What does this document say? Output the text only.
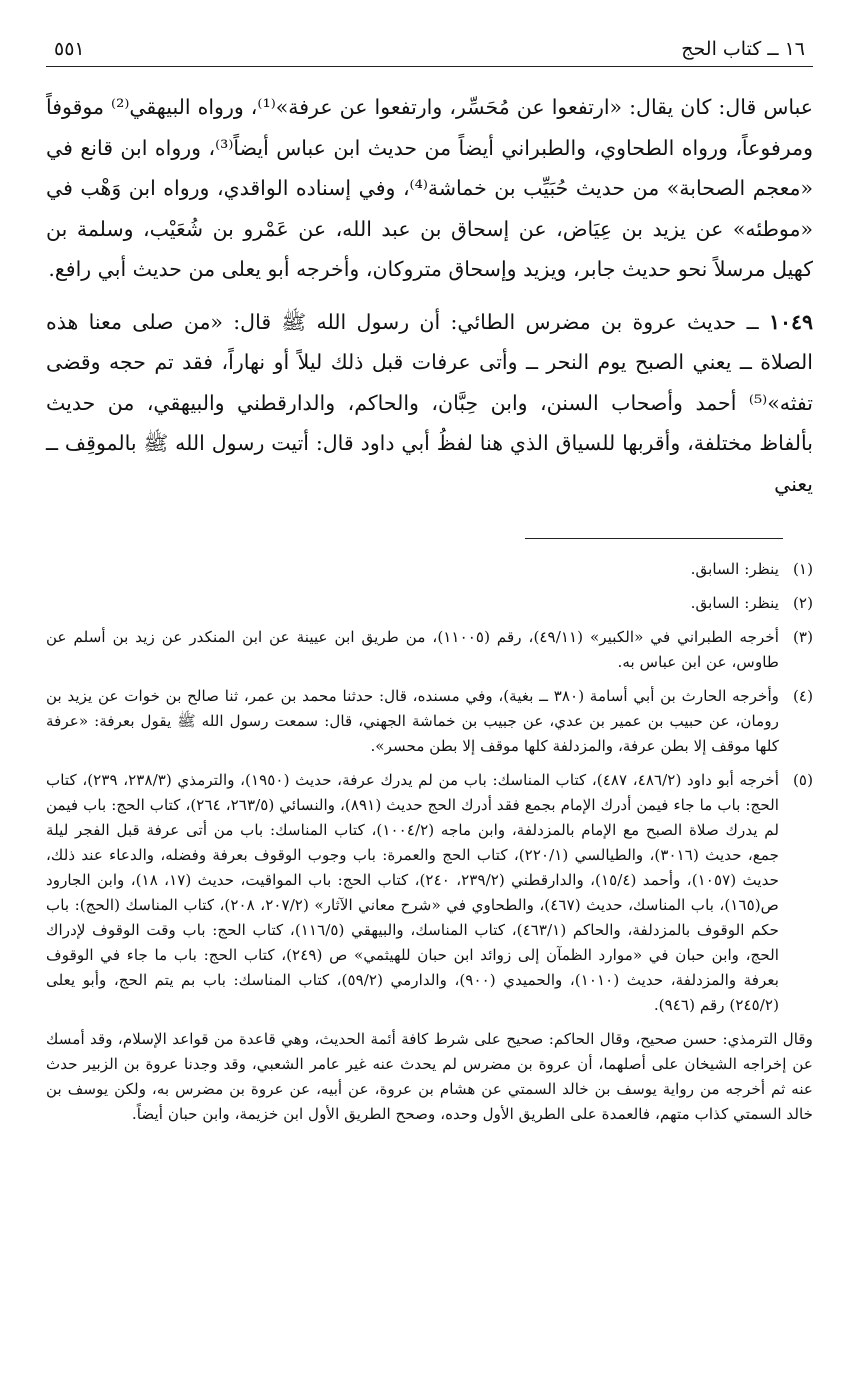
١٦ ــ كتاب الحج
٥٥١

عباس قال: كان يقال: «ارتفعوا عن مُحَسِّر، وارتفعوا عن عرفة»⁽¹⁾، ورواه البيهقي⁽²⁾ موقوفاً ومرفوعاً، ورواه الطحاوي، والطبراني أيضاً من حديث ابن عباس أيضاً⁽³⁾، ورواه ابن قانع في «معجم الصحابة» من حديث حُبَيِّب بن خماشة⁽⁴⁾، وفي إسناده الواقدي، ورواه ابن وَهْب في «موطئه» عن يزيد بن عِيَاض، عن إسحاق بن عبد الله، عن عَمْرو بن شُعَيْب، وسلمة بن كهيل مرسلاً نحو حديث جابر، ويزيد وإسحاق متروكان، وأخرجه أبو يعلى من حديث أبي رافع.

١٠٤٩ ــ حديث عروة بن مضرس الطائي: أن رسول الله ﷺ قال: «من صلى معنا هذه الصلاة ــ يعني الصبح يوم النحر ــ وأتى عرفات قبل ذلك ليلاً أو نهاراً، فقد تم حجه وقضى تفثه»⁽⁵⁾ أحمد وأصحاب السنن، وابن حِبَّان، والحاكم، والدارقطني والبيهقي، من حديث بألفاظ مختلفة، وأقربها للسياق الذي هنا لفظُ أبي داود قال: أتيت رسول الله ﷺ بالموقِف ــ يعني

(١)
ينظر: السابق.
(٢)
ينظر: السابق.
(٣)
أخرجه الطبراني في «الكبير» (٤٩/١١)، رقم (١١٠٠٥)، من طريق ابن عيينة عن ابن المنكدر عن زيد بن أسلم عن طاوس، عن ابن عباس به.
(٤)
وأخرجه الحارث بن أبي أسامة (٣٨٠ ــ بغية)، وفي مسنده، قال: حدثنا محمد بن عمر، ثنا صالح بن خوات عن يزيد بن رومان، عن حبيب بن عمير بن عدي، عن جبيب بن خماشة الجهني، قال: سمعت رسول الله ﷺ يقول بعرفة: «عرفة كلها موقف إلا بطن عرفة، والمزدلفة كلها موقف إلا بطن محسر».
(٥)
أخرجه أبو داود (٤٨٦/٢، ٤٨٧)، كتاب المناسك: باب من لم يدرك عرفة، حديث (١٩٥٠)، والترمذي (٢٣٨/٣، ٢٣٩)، كتاب الحج: باب ما جاء فيمن أدرك الإمام بجمع فقد أدرك الحج حديث (٨٩١)، والنسائي (٢٦٣/٥، ٢٦٤)، كتاب الحج: باب فيمن لم يدرك صلاة الصبح مع الإمام بالمزدلفة، وابن ماجه (١٠٠٤/٢)، كتاب المناسك: باب من أتى عرفة قبل الفجر ليلة جمع، حديث (٣٠١٦)، والطيالسي (٢٢٠/١)، كتاب الحج والعمرة: باب وجوب الوقوف بعرفة وفضله، والدعاء عند ذلك، حديث (١٠٥٧)، وأحمد (١٥/٤)، والدارقطني (٢٣٩/٢، ٢٤٠)، كتاب الحج: باب المواقيت، حديث (١٧، ١٨)، وابن الجارود ص(١٦٥)، باب المناسك، حديث (٤٦٧)، والطحاوي في «شرح معاني الآثار» (٢٠٧/٢، ٢٠٨)، كتاب المناسك (الحج): باب حكم الوقوف بالمزدلفة، والحاكم (٤٦٣/١)، كتاب المناسك، والبيهقي (١١٦/٥)، كتاب الحج: باب وقت الوقوف لإدراك الحج، وابن حبان في «موارد الظمآن إلى زوائد ابن حبان للهيثمي» ص (٢٤٩)، كتاب الحج: باب ما جاء في الوقوف بعرفة والمزدلفة، حديث (١٠١٠)، والحميدي (٩٠٠)، والدارمي (٥٩/٢)، كتاب المناسك: باب بم يتم الحج، وأبو يعلى (٢٤٥/٢) رقم (٩٤٦).

وقال الترمذي: حسن صحيح، وقال الحاكم: صحيح على شرط كافة أئمة الحديث، وهي قاعدة من قواعد الإسلام، وقد أمسك عن إخراجه الشيخان على أصلهما، أن عروة بن مضرس لم يحدث عنه غير عامر الشعبي، وقد وجدنا عروة بن الزبير حدث عنه ثم أخرجه من رواية يوسف بن خالد السمتي عن هشام بن عروة، عن أبيه، عن عروة بن مضرس به، ولكن يوسف بن خالد السمتي كذاب متهم، فالعمدة على الطريق الأول وحده، وصحح الطريق الأول ابن خزيمة، وابن حبان أيضاً.
